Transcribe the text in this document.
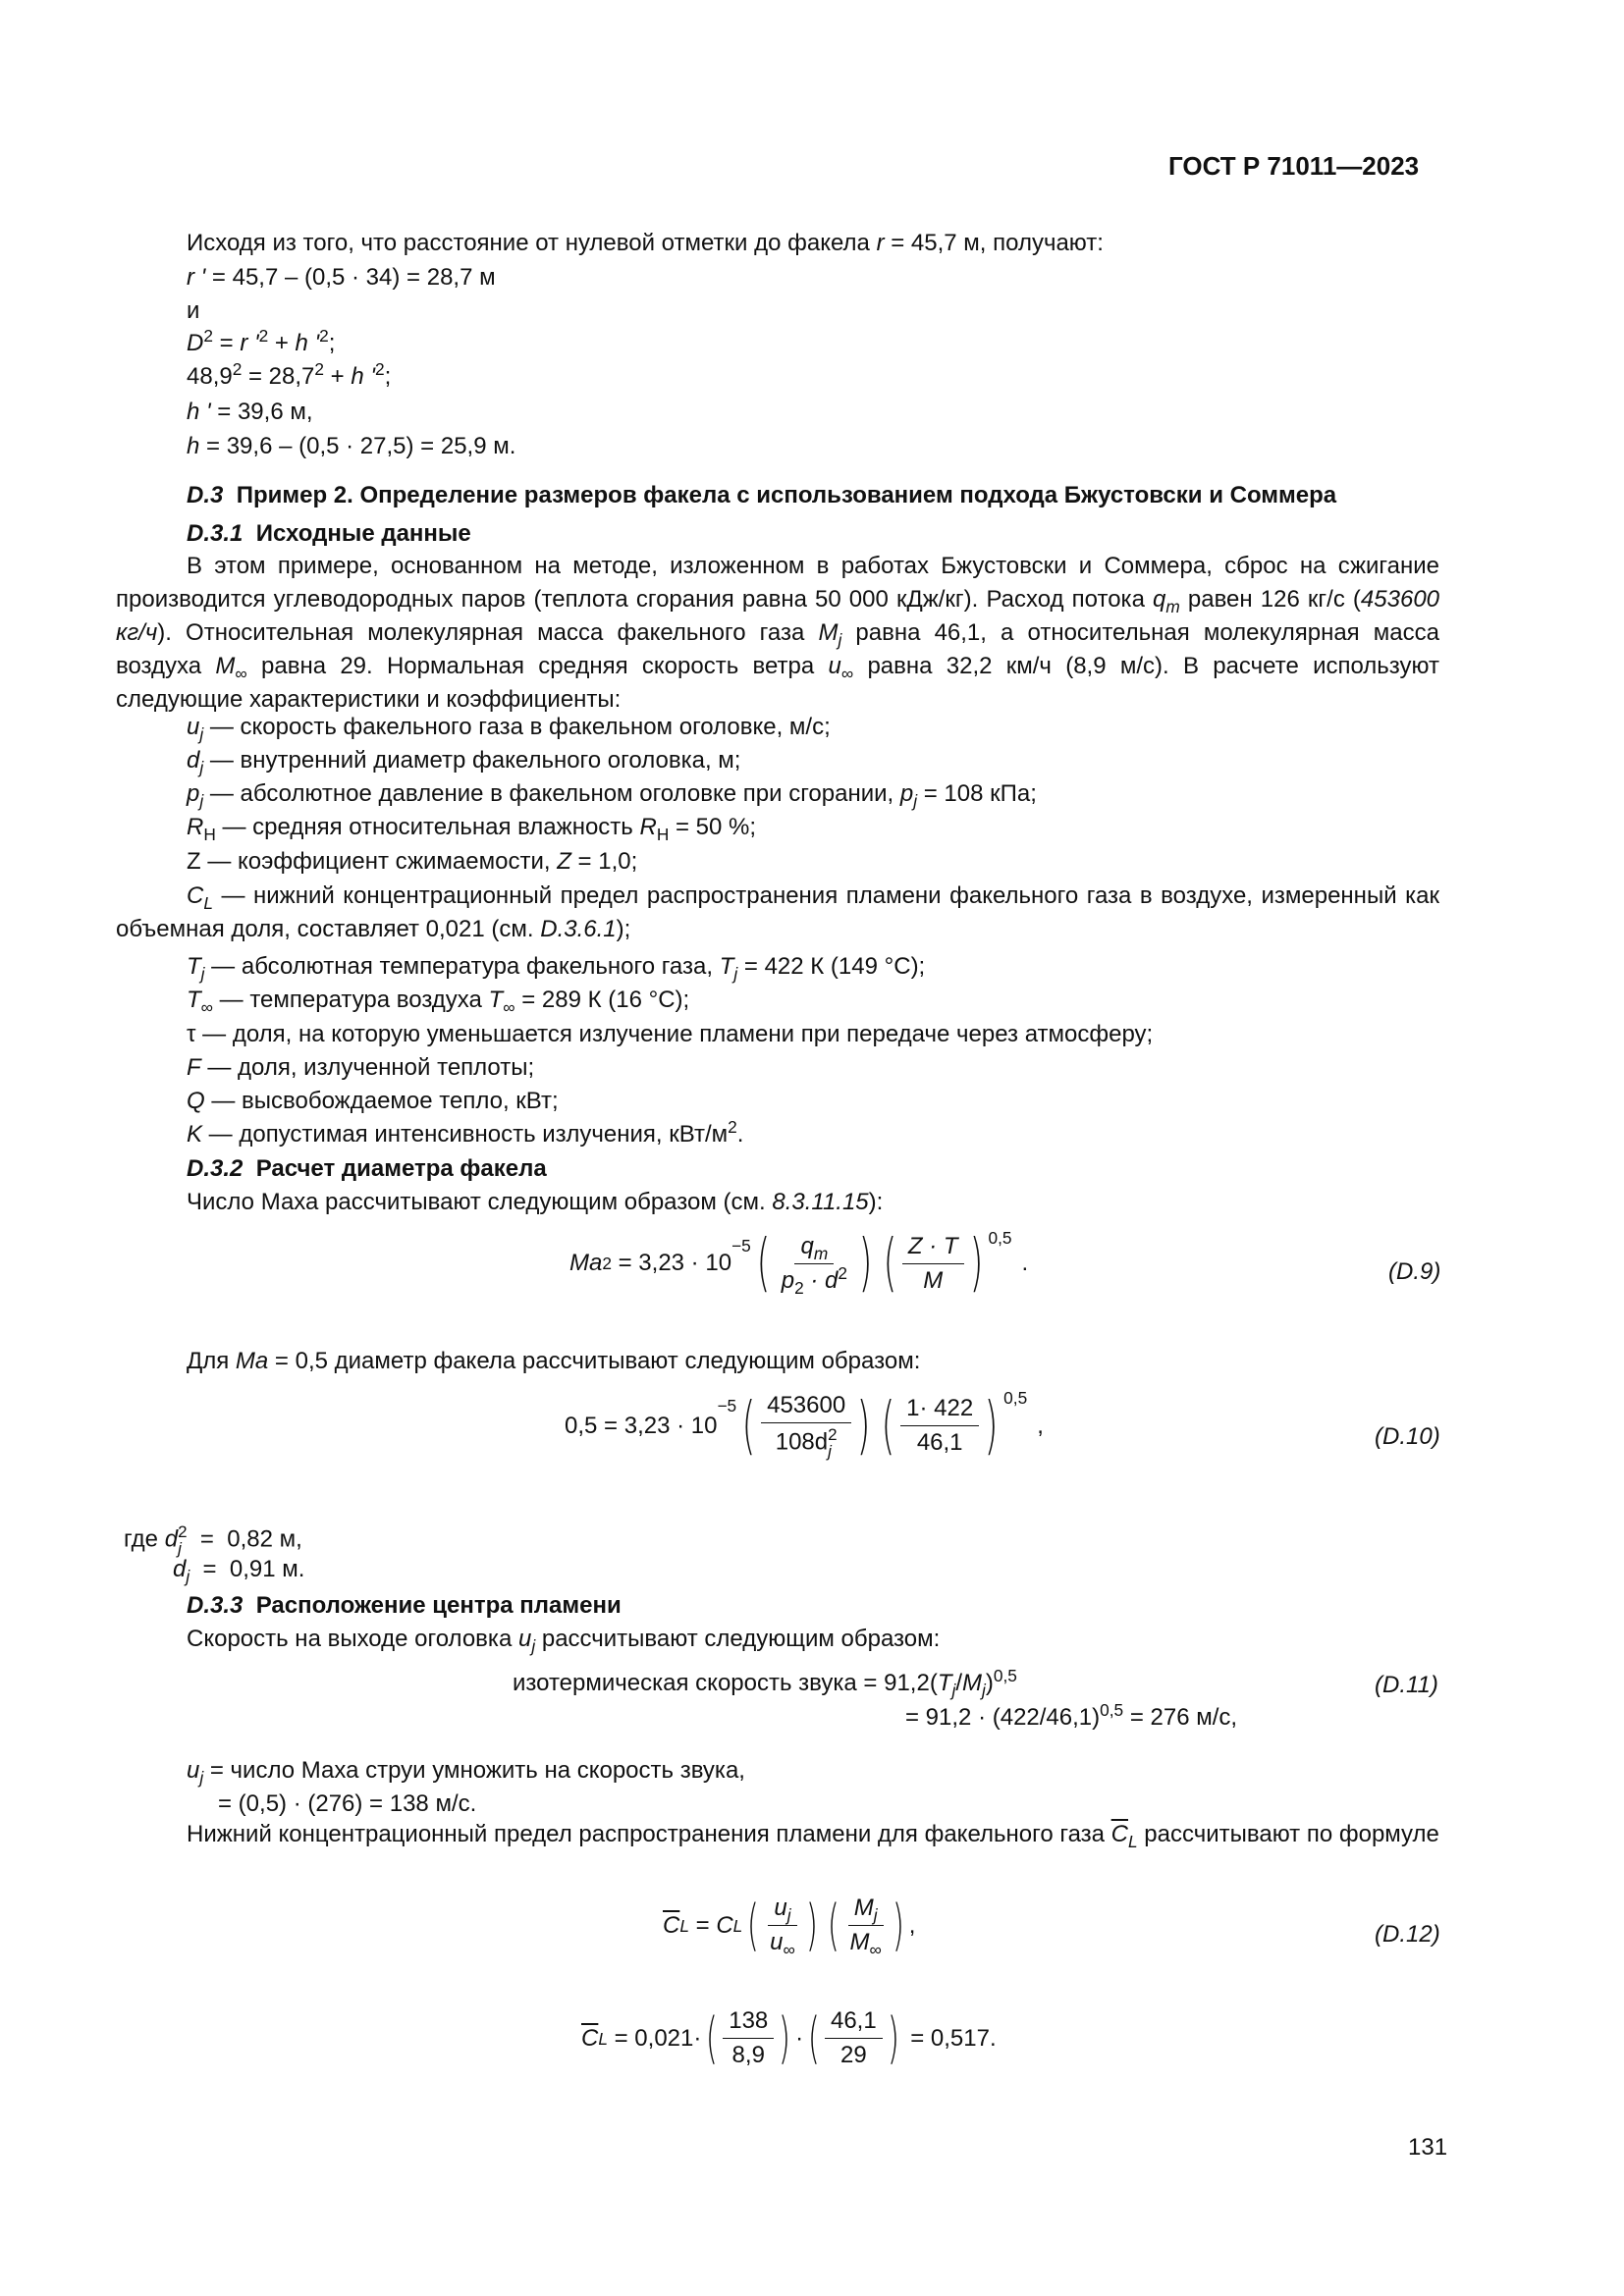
ГОСТ Р 71011—2023
Исходя из того, что расстояние от нулевой отметки до факела r = 45,7 м, получают:
r ' = 45,7 – (0,5 · 34) = 28,7 м
и
$D^2 = r$ '$^2 + h$ '$^2$;
$48,9^2 = 28,7^2 + h$ '$^2$;
h ' = 39,6 м,
h = 39,6 – (0,5 · 27,5) = 25,9 м.
D.3 Пример 2. Определение размеров факела с использованием подхода Бжустовски и Соммера
D.3.1 Исходные данные
В этом примере, основанном на методе, изложенном в работах Бжустовски и Соммера, сброс на сжигание производится углеводородных паров (теплота сгорания равна 50 000 кДж/кг). Расход потока $q_m$ равен 126 кг/с (453600 кг/ч). Относительная молекулярная масса факельного газа $M_j$ равна 46,1, а относительная молекулярная масса воздуха $M_\infty$ равна 29. Нормальная средняя скорость ветра $u_\infty$ равна 32,2 км/ч (8,9 м/с). В расчете используют следующие характеристики и коэффициенты:
$u_j$ — скорость факельного газа в факельном оголовке, м/с;
$d_j$ — внутренний диаметр факельного оголовка, м;
$p_j$ — абсолютное давление в факельном оголовке при сгорании, $p_j = 108$ кПа;
$R_H$ — средняя относительная влажность $R_H = 50$ %;
Z — коэффициент сжимаемости, Z = 1,0;
$C_L$ — нижний концентрационный предел распространения пламени факельного газа в воздухе, измеренный как объемная доля, составляет 0,021 (см. D.3.6.1);
$T_j$ — абсолютная температура факельного газа, $T_j = 422$ К (149 °С);
$T_\infty$ — температура воздуха $T_\infty = 289$ К (16 °С);
τ — доля, на которую уменьшается излучение пламени при передаче через атмосферу;
F — доля, излученной теплоты;
Q — высвобождаемое тепло, кВт;
K — допустимая интенсивность излучения, кВт/$м^2$.
D.3.2 Расчет диаметра факела
Число Маха рассчитывают следующим образом (см. 8.3.11.15):
Ma 2 = 3,23 · 10
−5 ( $\frac{q_m}{p_2 \cdot d^2}$ ) ( $\frac{Z \cdot T}{M}$ ) 0,5
.	(D.9)
Для Ma = 0,5 диаметр факела рассчитывают следующим образом:
0,5 = 3,23 · 10
−5 ( 453600
108d 2
j ) ( $\frac{1\cdot 422}{46,1}$ ) 0,5
,	(D.10)
где d 2
j =  0,82 м,
$d_j = 0,91$ м.
D.3.3 Расположение центра пламени
Скорость на выходе оголовка $u_j$ рассчитывают следующим образом:
изотермическая скорость звука = $91,2(T_j/M_j)^{0,5}$
= $91,2 \cdot (422/46,1)^{0,5} = 276$ м/с,
(D.11)
$u_j$ = число Маха струи умножить на скорость звука,
= (0,5) · (276) = 138 м/с.
Нижний концентрационный предел распространения пламени для факельного газа $\overline{C}_L$ рассчитывают по формуле
$\overline{C}$ L = C L ( $\frac{u_j}{u_\infty}$ ) ( $\frac{M_j}{M_\infty}$ ) ,	(D.12)
$\overline{C}$ L = 0,021· ( $\frac{138}{8,9}$ ) · ( $\frac{46,1}{29}$ ) = 0,517.
131
